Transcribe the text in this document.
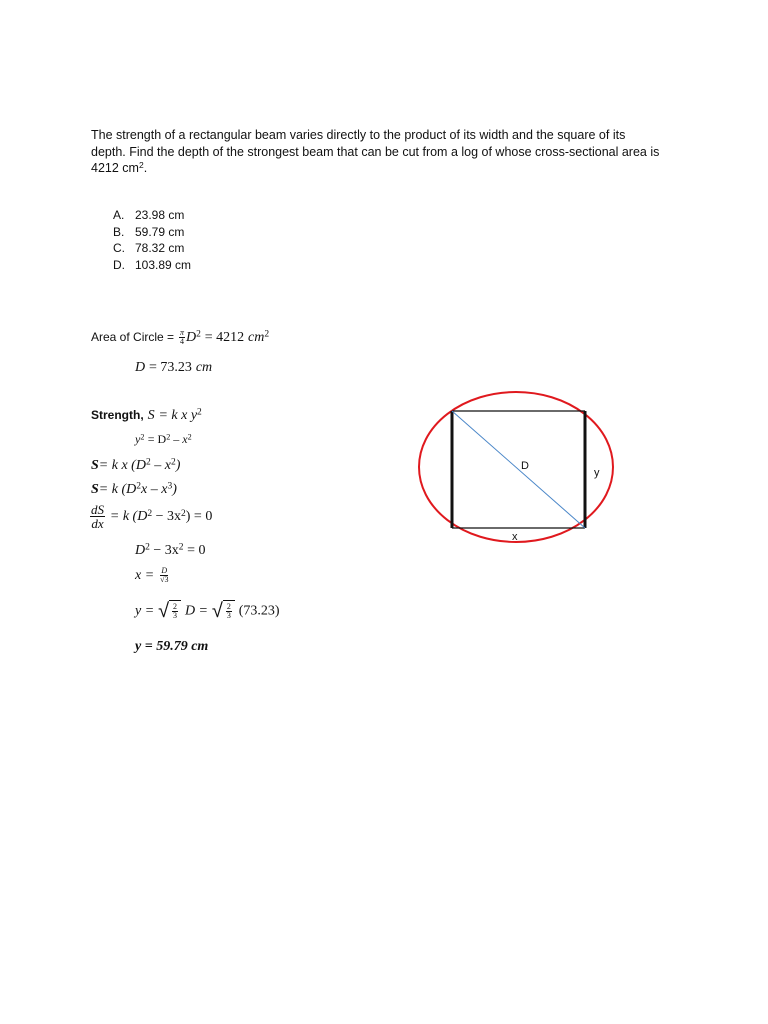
The strength of a rectangular beam varies directly to the product of its width and the square of its
depth. Find the depth of the strongest beam that can be cut from a log of whose cross-sectional area is
4212 $cm^2$.
A. 23.98 cm
B. 59.79 cm
C. 78.32 cm
D. 103.89 cm
Area of Circle = $\frac{\pi}{4} D^2 = 4212$ $cm^2$
D = 73.23 cm
Strength, S = k x $y^2$
$y^2 = D^2 - x^2$
S= k x $(D^2 - x^2)$
S= k $(D^2x - x^3)$
$\frac{dS}{dx} = k$ $(D^2 - 3x^2) = 0$
$D^2 - 3x^2 = 0$
$x = \frac{D}{√3}$
y = √ $\frac{2}{3}$ D = √ $\frac{2}{3} (73.23)$
y = 59.79 cm
D
y
x
